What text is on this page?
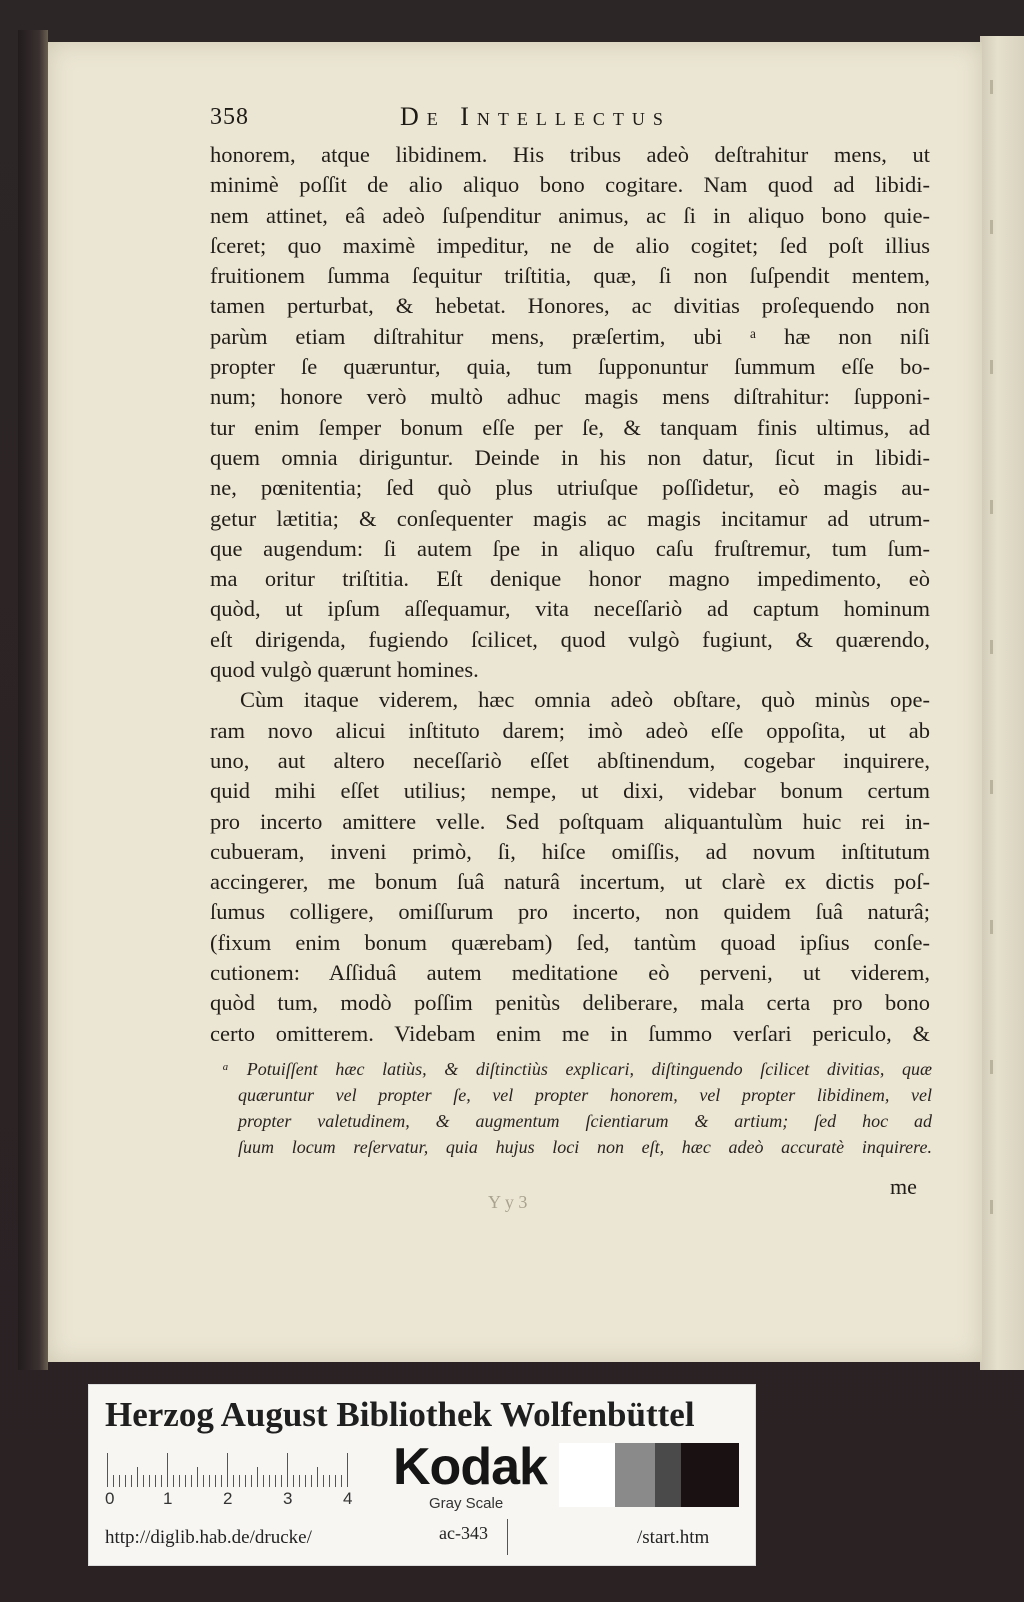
358	De Intellectus
honorem, atque libidinem. His tribus adeò deſtrahitur mens, ut
minimè poſſit de alio aliquo bono cogitare. Nam quod ad libidi-
nem attinet, eâ adeò ſuſpenditur animus, ac ſi in aliquo bono quie-
ſceret; quo maximè impeditur, ne de alio cogitet; ſed poſt illius
fruitionem ſumma ſequitur triſtitia, quæ, ſi non ſuſpendit mentem,
tamen perturbat, & hebetat. Honores, ac divitias proſequendo non
parùm etiam diſtrahitur mens, præſertim, ubi ᵃ hæ non niſi
propter ſe quæruntur, quia, tum ſupponuntur ſummum eſſe bo-
num; honore verò multò adhuc magis mens diſtrahitur: ſupponi-
tur enim ſemper bonum eſſe per ſe, & tanquam finis ultimus, ad
quem omnia diriguntur. Deinde in his non datur, ſicut in libidi-
ne, pœnitentia; ſed quò plus utriuſque poſſidetur, eò magis au-
getur lætitia; & conſequenter magis ac magis incitamur ad utrum-
que augendum: ſi autem ſpe in aliquo caſu fruſtremur, tum ſum-
ma oritur triſtitia. Eſt denique honor magno impedimento, eò
quòd, ut ipſum aſſequamur, vita neceſſariò ad captum hominum
eſt dirigenda, fugiendo ſcilicet, quod vulgò fugiunt, & quærendo,
quod vulgò quærunt homines.
Cùm itaque viderem, hæc omnia adeò obſtare, quò minùs ope-
ram novo alicui inſtituto darem; imò adeò eſſe oppoſita, ut ab
uno, aut altero neceſſariò eſſet abſtinendum, cogebar inquirere,
quid mihi eſſet utilius; nempe, ut dixi, videbar bonum certum
pro incerto amittere velle. Sed poſtquam aliquantulùm huic rei in-
cubueram, inveni primò, ſi, hiſce omiſſis, ad novum inſtitutum
accingerer, me bonum ſuâ naturâ incertum, ut clarè ex dictis poſ-
ſumus colligere, omiſſurum pro incerto, non quidem ſuâ naturâ;
(fixum enim bonum quærebam) ſed, tantùm quoad ipſius conſe-
cutionem: Aſſiduâ autem meditatione eò perveni, ut viderem,
quòd tum, modò poſſim penitùs deliberare, mala certa pro bono
certo omitterem. Videbam enim me in ſummo verſari periculo, &
ᵃ Potuiſſent hæc latiùs, & diſtinctiùs explicari, diſtinguendo ſcilicet divitias, quæ
quæruntur vel propter ſe, vel propter honorem, vel propter libidinem, vel
propter valetudinem, & augmentum ſcientiarum & artium; ſed hoc ad
ſuum locum reſervatur, quia hujus loci non eſt, hæc adeò accuratè inquirere.
Y y 3
me
Herzog August Bibliothek Wolfenbüttel
0	1	2	3	4
Kodak
Gray Scale
http://diglib.hab.de/drucke/	ac-343	/start.htm
